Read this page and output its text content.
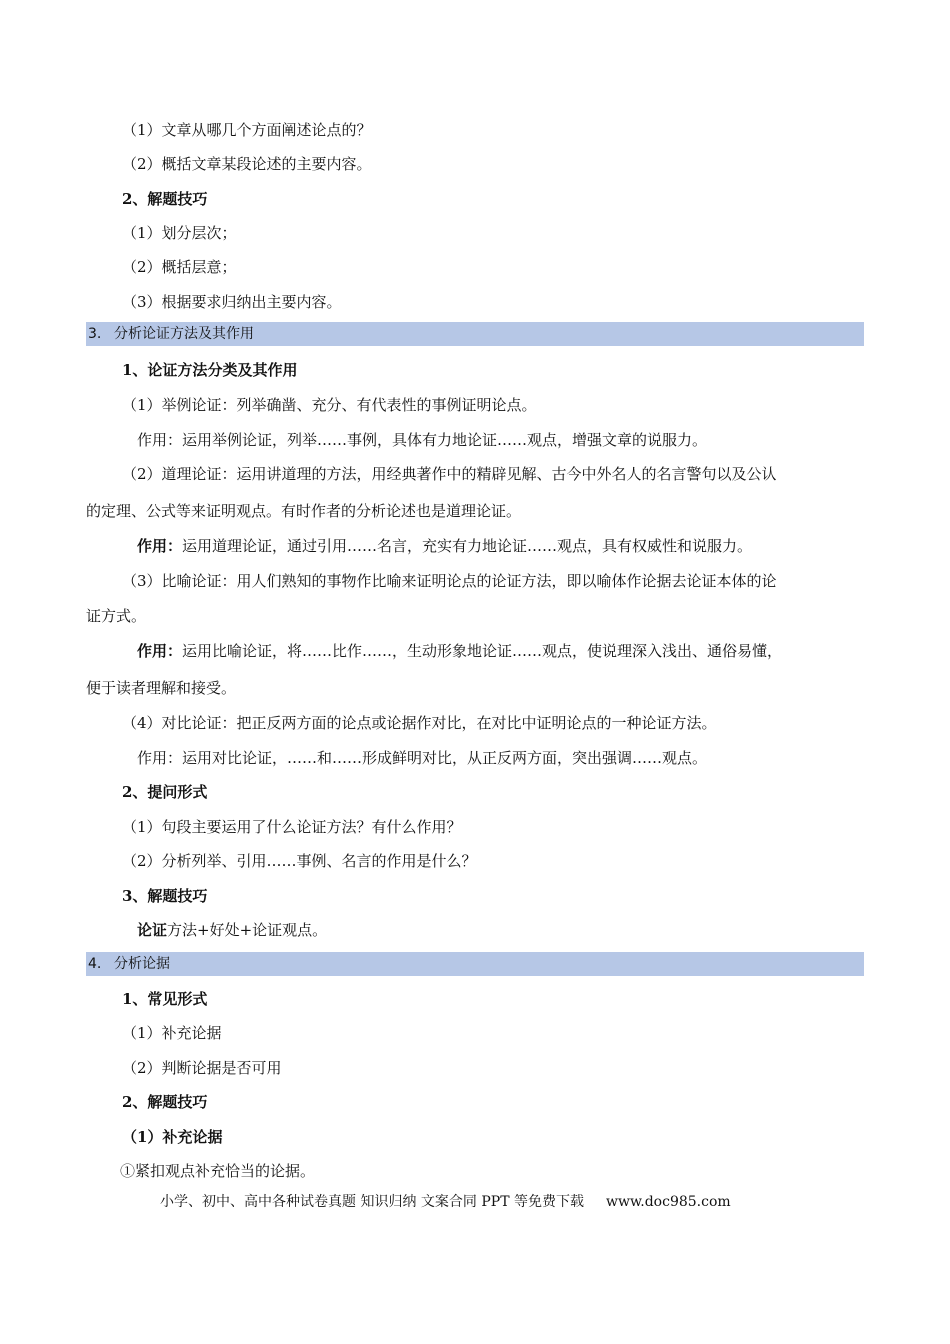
（1）文章从哪几个方面阐述论点的？
（2）概括文章某段论述的主要内容。
2、解题技巧
（1）划分层次；
（2）概括层意；
（3）根据要求归纳出主要内容。
3. 分析论证方法及其作用
1、论证方法分类及其作用
（1）举例论证：列举确凿、充分、有代表性的事例证明论点。
作用：运用举例论证，列举……事例，具体有力地论证……观点，增强文章的说服力。
（2）道理论证：运用讲道理的方法，用经典著作中的精辟见解、古今中外名人的名言警句以及公认
的定理、公式等来证明观点。有时作者的分析论述也是道理论证。
作用：运用道理论证，通过引用……名言，充实有力地论证……观点，具有权威性和说服力。
（3）比喻论证：用人们熟知的事物作比喻来证明论点的论证方法，即以喻体作论据去论证本体的论
证方式。
作用：运用比喻论证，将……比作……，生动形象地论证……观点，使说理深入浅出、通俗易懂，
便于读者理解和接受。
（4）对比论证：把正反两方面的论点或论据作对比，在对比中证明论点的一种论证方法。
作用：运用对比论证，……和……形成鲜明对比，从正反两方面，突出强调……观点。
2、提问形式
（1）句段主要运用了什么论证方法？有什么作用？
（2）分析列举、引用……事例、名言的作用是什么？
3、解题技巧
论证方法+好处+论证观点。
4. 分析论据
1、常见形式
（1）补充论据
（2）判断论据是否可用
2、解题技巧
（1）补充论据
①紧扣观点补充恰当的论据。
小学、初中、高中各种试卷真题 知识归纳 文案合同 PPT 等免费下载 www.doc985.com
